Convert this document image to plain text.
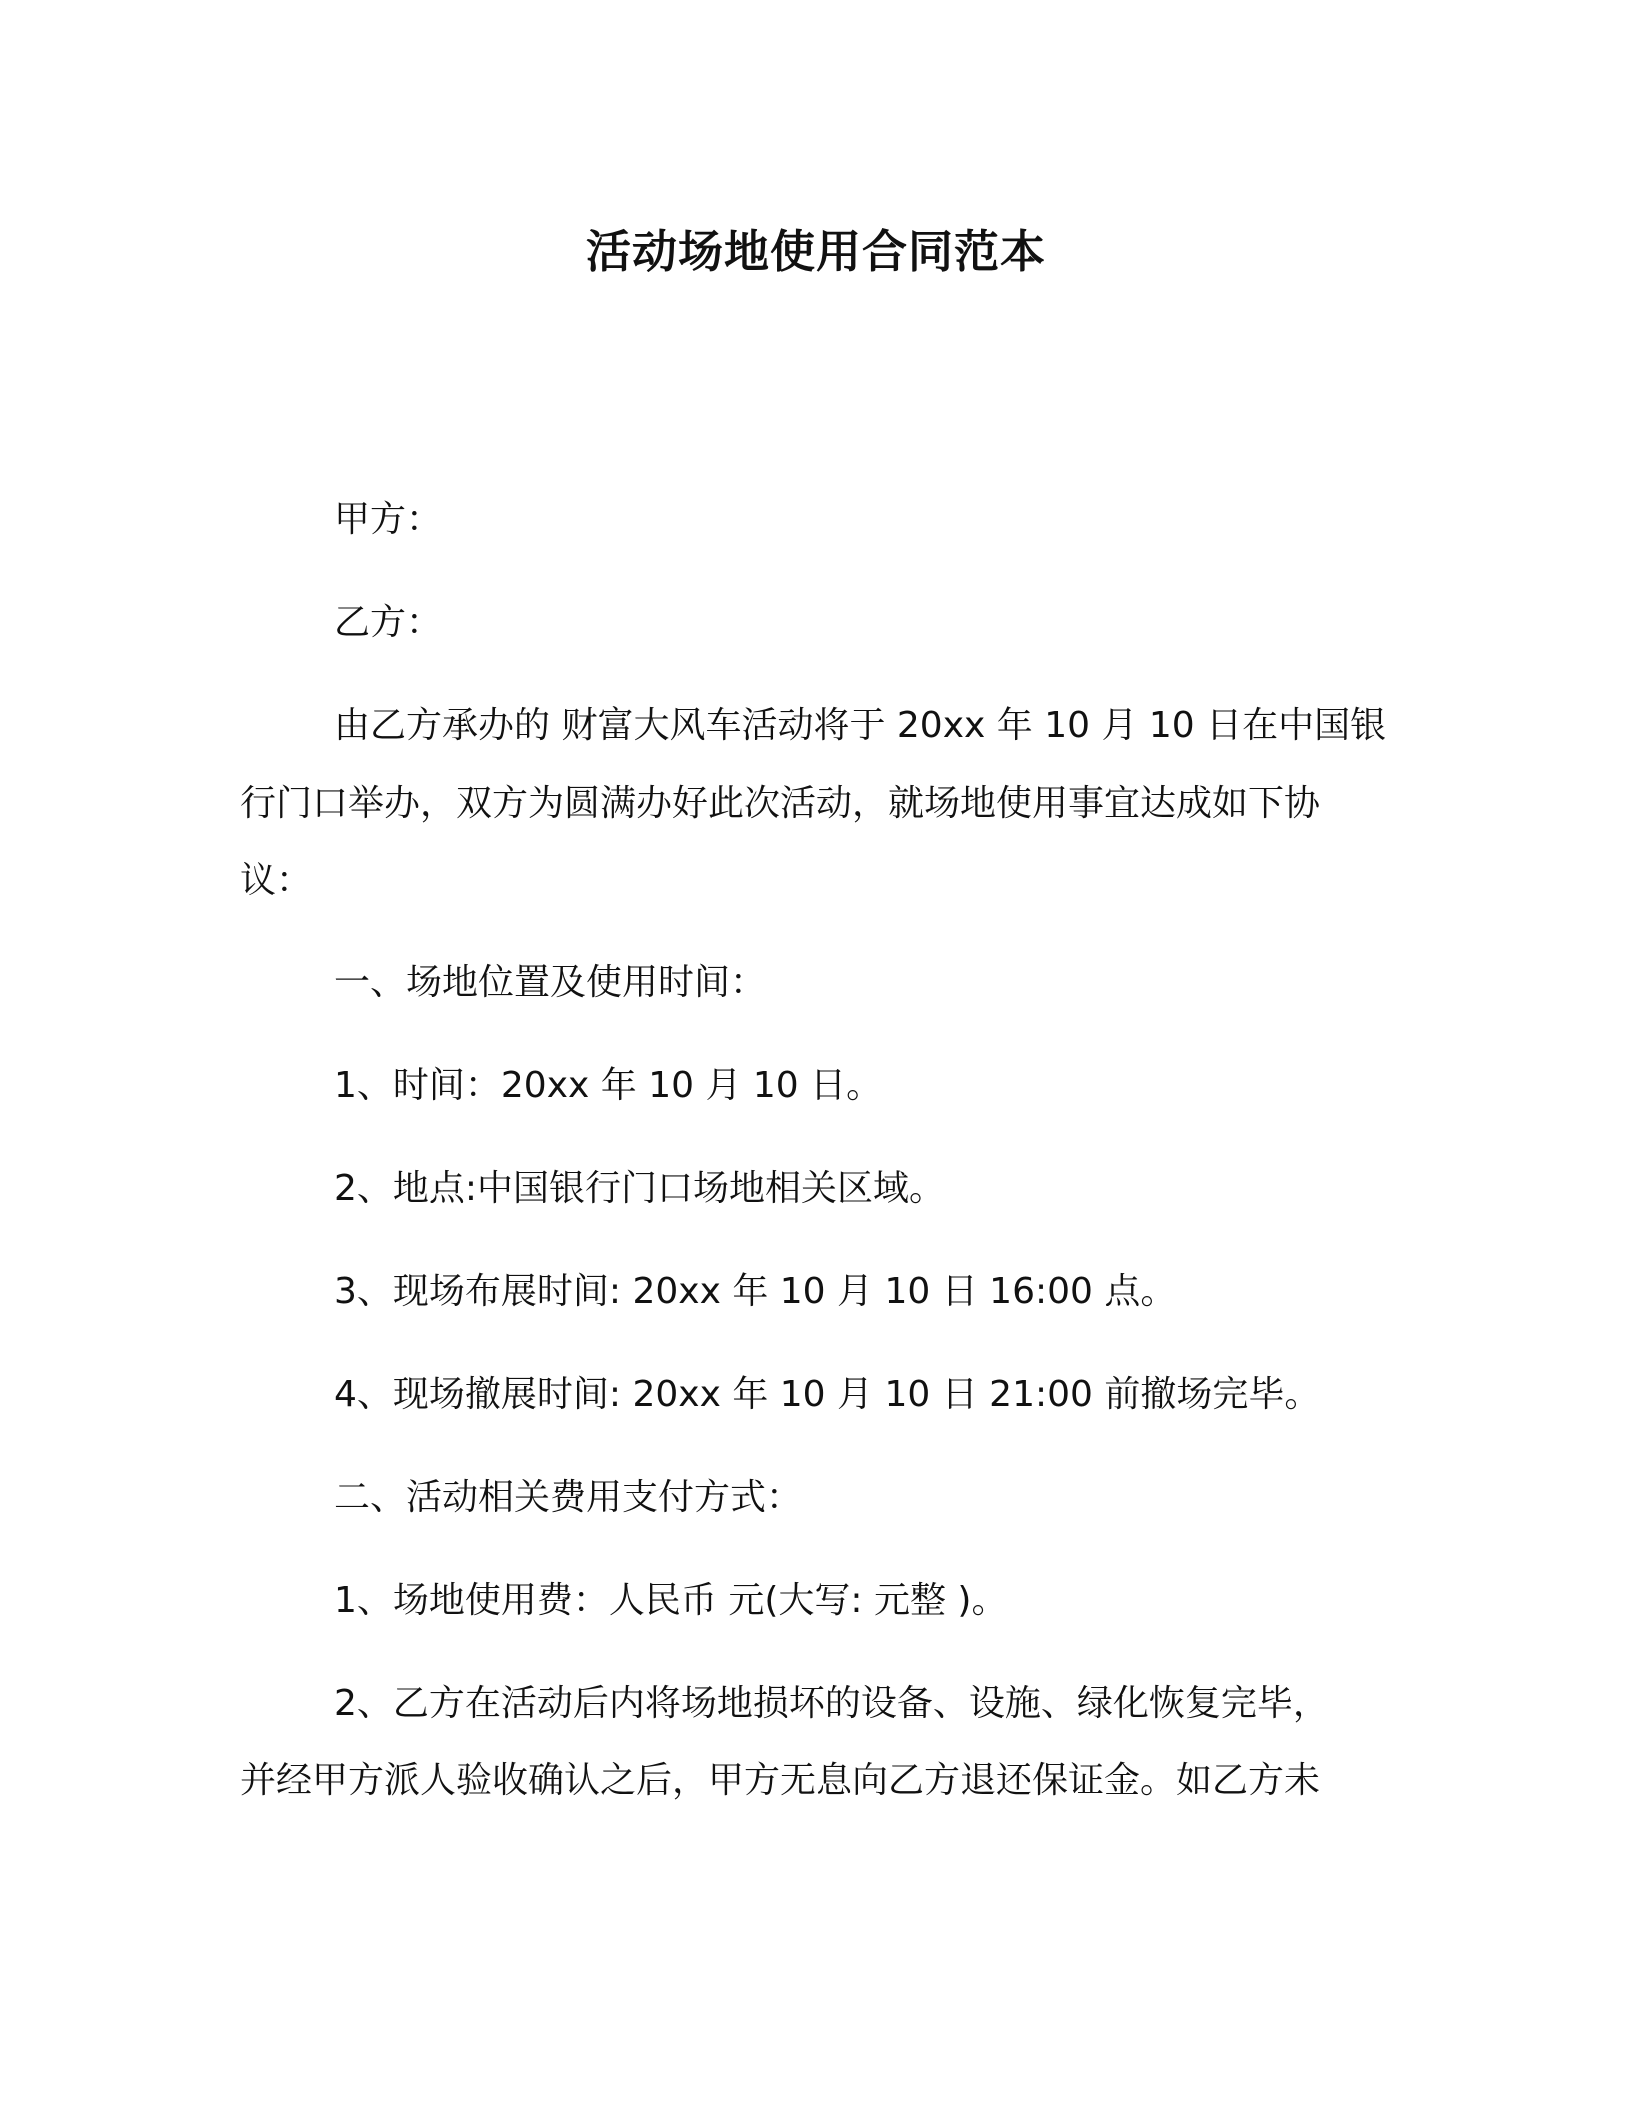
活动场地使用合同范本
甲方：
乙方：
由乙方承办的 财富大风车活动将于 20xx 年 10 月 10 日在中国银
行门口举办，双方为圆满办好此次活动，就场地使用事宜达成如下协
议：
一、场地位置及使用时间：
1、时间：20xx 年 10 月 10 日。
2、地点:中国银行门口场地相关区域。
3、现场布展时间: 20xx 年 10 月 10 日 16:00 点。
4、现场撤展时间: 20xx 年 10 月 10 日 21:00 前撤场完毕。
二、活动相关费用支付方式：
1、场地使用费：人民币 元(大写: 元整 )。
2、乙方在活动后内将场地损坏的设备、设施、绿化恢复完毕，
并经甲方派人验收确认之后，甲方无息向乙方退还保证金。如乙方未
